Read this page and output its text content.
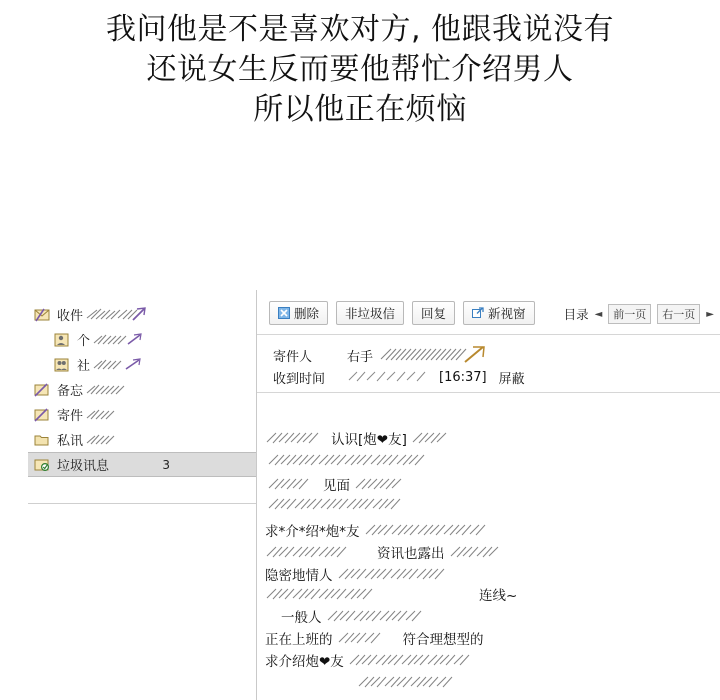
我问他是不是喜欢对方, 他跟我说没有
还说女生反而要他帮忙介绍男人
所以他正在烦恼
收件
个
社
备忘
寄件
私讯
垃圾讯息	3
删除 非垃圾信 回复	新视窗	目录 ◄	前一页	右一页	►
寄件人	右手
收到时间	[16:37] 屏蔽
认识[炮❤友]
见面
求*介*绍*炮*友
资讯也露出
隐密地情人
连线~
一般人
正在上班的	符合理想型的
求介绍炮❤友
